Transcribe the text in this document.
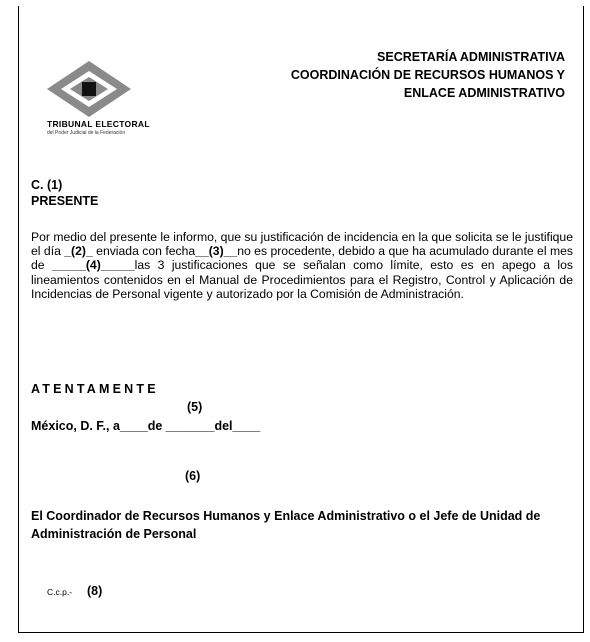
TRIBUNAL ELECTORAL
del Poder Judicial de la Federación
SECRETARÍA ADMINISTRATIVA
COORDINACIÓN DE RECURSOS HUMANOS Y
ENLACE ADMINISTRATIVO
C. (1)
PRESENTE
Por medio del presente le informo, que su justificación de incidencia en la que solicita se le justifique el día _(2)_ enviada con fecha__(3)__no es procedente, debido a que ha acumulado durante el mes de _____(4)_____las 3 justificaciones que se señalan como límite, esto es en apego a los lineamientos contenidos en el Manual de Procedimientos para el Registro, Control y Aplicación de Incidencias de Personal vigente y autorizado por la Comisión de Administración.
ATENTAMENTE
(5)
México, D. F., a____de _______del____
(6)
El Coordinador de Recursos Humanos y Enlace Administrativo o el Jefe de Unidad de Administración de Personal
C.c.p.- (8)
